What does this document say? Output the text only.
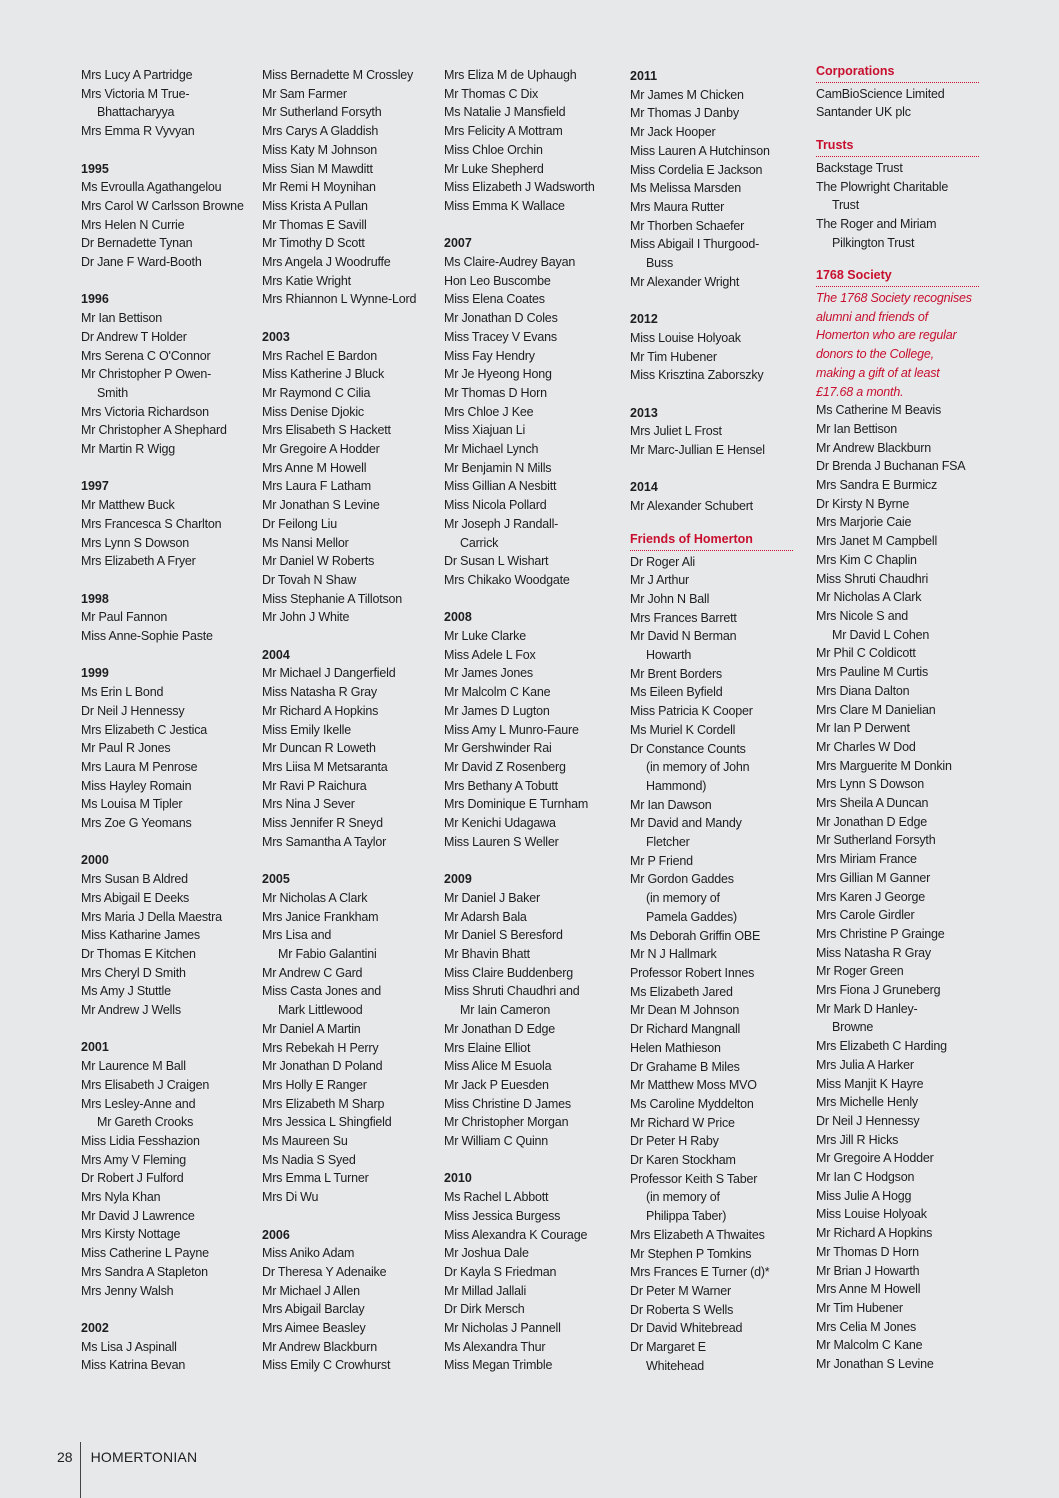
Mrs Lucy A Partridge
Mrs Victoria M True-
Bhattacharyya
Mrs Emma R Vyvyan
1995
Ms Evroulla Agathangelou
Mrs Carol W Carlsson Browne
Mrs Helen N Currie
Dr Bernadette Tynan
Dr Jane F Ward-Booth
1996
Mr Ian Bettison
Dr Andrew T Holder
Mrs Serena C O'Connor
Mr Christopher P Owen-
Smith
Mrs Victoria Richardson
Mr Christopher A Shephard
Mr Martin R Wigg
1997
Mr Matthew Buck
Mrs Francesca S Charlton
Mrs Lynn S Dowson
Mrs Elizabeth A Fryer
1998
Mr Paul Fannon
Miss Anne-Sophie Paste
1999
Ms Erin L Bond
Dr Neil J Hennessy
Mrs Elizabeth C Jestica
Mr Paul R Jones
Mrs Laura M Penrose
Miss Hayley Romain
Ms Louisa M Tipler
Mrs Zoe G Yeomans
2000
Mrs Susan B Aldred
Mrs Abigail E Deeks
Mrs Maria J Della Maestra
Miss Katharine James
Dr Thomas E Kitchen
Mrs Cheryl D Smith
Ms Amy J Stuttle
Mr Andrew J Wells
2001
Mr Laurence M Ball
Mrs Elisabeth J Craigen
Mrs Lesley-Anne and
Mr Gareth Crooks
Miss Lidia Fesshazion
Mrs Amy V Fleming
Dr Robert J Fulford
Mrs Nyla Khan
Mr David J Lawrence
Mrs Kirsty Nottage
Miss Catherine L Payne
Mrs Sandra A Stapleton
Mrs Jenny Walsh
2002
Ms Lisa J Aspinall
Miss Katrina Bevan
Miss Bernadette M Crossley
Mr Sam Farmer
Mr Sutherland Forsyth
Mrs Carys A Gladdish
Miss Katy M Johnson
Miss Sian M Mawditt
Mr Remi H Moynihan
Miss Krista A Pullan
Mr Thomas E Savill
Mr Timothy D Scott
Mrs Angela J Woodruffe
Mrs Katie Wright
Mrs Rhiannon L Wynne-Lord
2003
Mrs Rachel E Bardon
Miss Katherine J Bluck
Mr Raymond C Cilia
Miss Denise Djokic
Mrs Elisabeth S Hackett
Mr Gregoire A Hodder
Mrs Anne M Howell
Mrs Laura F Latham
Mr Jonathan S Levine
Dr Feilong Liu
Ms Nansi Mellor
Mr Daniel W Roberts
Dr Tovah N Shaw
Miss Stephanie A Tillotson
Mr John J White
2004
Mr Michael J Dangerfield
Miss Natasha R Gray
Mr Richard A Hopkins
Miss Emily Ikelle
Mr Duncan R Loweth
Mrs Liisa M Metsaranta
Mr Ravi P Raichura
Mrs Nina J Sever
Miss Jennifer R Sneyd
Mrs Samantha A Taylor
2005
Mr Nicholas A Clark
Mrs Janice Frankham
Mrs Lisa and
Mr Fabio Galantini
Mr Andrew C Gard
Miss Casta Jones and
Mark Littlewood
Mr Daniel A Martin
Mrs Rebekah H Perry
Mr Jonathan D Poland
Mrs Holly E Ranger
Mrs Elizabeth M Sharp
Mrs Jessica L Shingfield
Ms Maureen Su
Ms Nadia S Syed
Mrs Emma L Turner
Mrs Di Wu
2006
Miss Aniko Adam
Dr Theresa Y Adenaike
Mr Michael J Allen
Mrs Abigail Barclay
Mrs Aimee Beasley
Mr Andrew Blackburn
Miss Emily C Crowhurst
Mrs Eliza M de Uphaugh
Mr Thomas C Dix
Ms Natalie J Mansfield
Mrs Felicity A Mottram
Miss Chloe Orchin
Mr Luke Shepherd
Miss Elizabeth J Wadsworth
Miss Emma K Wallace
2007
Ms Claire-Audrey Bayan
Hon Leo Buscombe
Miss Elena Coates
Mr Jonathan D Coles
Miss Tracey V Evans
Miss Fay Hendry
Mr Je Hyeong Hong
Mr Thomas D Horn
Mrs Chloe J Kee
Miss Xiajuan Li
Mr Michael Lynch
Mr Benjamin N Mills
Miss Gillian A Nesbitt
Miss Nicola Pollard
Mr Joseph J Randall-
Carrick
Dr Susan L Wishart
Mrs Chikako Woodgate
2008
Mr Luke Clarke
Miss Adele L Fox
Mr James Jones
Mr Malcolm C Kane
Mr James D Lugton
Miss Amy L Munro-Faure
Mr Gershwinder Rai
Mr David Z Rosenberg
Mrs Bethany A Tobutt
Mrs Dominique E Turnham
Mr Kenichi Udagawa
Miss Lauren S Weller
2009
Mr Daniel J Baker
Mr Adarsh Bala
Mr Daniel S Beresford
Mr Bhavin Bhatt
Miss Claire Buddenberg
Miss Shruti Chaudhri and
Mr Iain Cameron
Mr Jonathan D Edge
Mrs Elaine Elliot
Miss Alice M Esuola
Mr Jack P Euesden
Miss Christine D James
Mr Christopher Morgan
Mr William C Quinn
2010
Ms Rachel L Abbott
Miss Jessica Burgess
Miss Alexandra K Courage
Mr Joshua Dale
Dr Kayla S Friedman
Mr Millad Jallali
Dr Dirk Mersch
Mr Nicholas J Pannell
Ms Alexandra Thur
Miss Megan Trimble
2011
Mr James M Chicken
Mr Thomas J Danby
Mr Jack Hooper
Miss Lauren A Hutchinson
Miss Cordelia E Jackson
Ms Melissa Marsden
Mrs Maura Rutter
Mr Thorben Schaefer
Miss Abigail I Thurgood-
Buss
Mr Alexander Wright
2012
Miss Louise Holyoak
Mr Tim Hubener
Miss Krisztina Zaborszky
2013
Mrs Juliet L Frost
Mr Marc-Jullian E Hensel
2014
Mr Alexander Schubert
Friends of Homerton
Dr Roger Ali
Mr J Arthur
Mr John N Ball
Mrs Frances Barrett
Mr David N Berman
Howarth
Mr Brent Borders
Ms Eileen Byfield
Miss Patricia K Cooper
Ms Muriel K Cordell
Dr Constance Counts
(in memory of John
Hammond)
Mr Ian Dawson
Mr David and Mandy
Fletcher
Mr P Friend
Mr Gordon Gaddes
(in memory of
Pamela Gaddes)
Ms Deborah Griffin OBE
Mr N J Hallmark
Professor Robert Innes
Ms Elizabeth Jared
Mr Dean M Johnson
Dr Richard Mangnall
Helen Mathieson
Dr Grahame B Miles
Mr Matthew Moss MVO
Ms Caroline Myddelton
Mr Richard W Price
Dr Peter H Raby
Dr Karen Stockham
Professor Keith S Taber
(in memory of
Philippa Taber)
Mrs Elizabeth A Thwaites
Mr Stephen P Tomkins
Mrs Frances E Turner (d)*
Dr Peter M Warner
Dr Roberta S Wells
Dr David Whitebread
Dr Margaret E
Whitehead
Corporations
CamBioScience Limited
Santander UK plc
Trusts
Backstage Trust
The Plowright Charitable
Trust
The Roger and Miriam
Pilkington Trust
1768 Society
The 1768 Society recognises
alumni and friends of
Homerton who are regular
donors to the College,
making a gift of at least
£17.68 a month.
Ms Catherine M Beavis
Mr Ian Bettison
Mr Andrew Blackburn
Dr Brenda J Buchanan FSA
Mrs Sandra E Burmicz
Dr Kirsty N Byrne
Mrs Marjorie Caie
Mrs Janet M Campbell
Mrs Kim C Chaplin
Miss Shruti Chaudhri
Mr Nicholas A Clark
Mrs Nicole S and
Mr David L Cohen
Mr Phil C Coldicott
Mrs Pauline M Curtis
Mrs Diana Dalton
Mrs Clare M Danielian
Mr Ian P Derwent
Mr Charles W Dod
Mrs Marguerite M Donkin
Mrs Lynn S Dowson
Mrs Sheila A Duncan
Mr Jonathan D Edge
Mr Sutherland Forsyth
Mrs Miriam France
Mrs Gillian M Ganner
Mrs Karen J George
Mrs Carole Girdler
Mrs Christine P Grainge
Miss Natasha R Gray
Mr Roger Green
Mrs Fiona J Gruneberg
Mr Mark D Hanley-
Browne
Mrs Elizabeth C Harding
Mrs Julia A Harker
Miss Manjit K Hayre
Mrs Michelle Henly
Dr Neil J Hennessy
Mrs Jill R Hicks
Mr Gregoire A Hodder
Mr Ian C Hodgson
Miss Julie A Hogg
Miss Louise Holyoak
Mr Richard A Hopkins
Mr Thomas D Horn
Mr Brian J Howarth
Mrs Anne M Howell
Mr Tim Hubener
Mrs Celia M Jones
Mr Malcolm C Kane
Mr Jonathan S Levine
28	HOMERTONIAN
